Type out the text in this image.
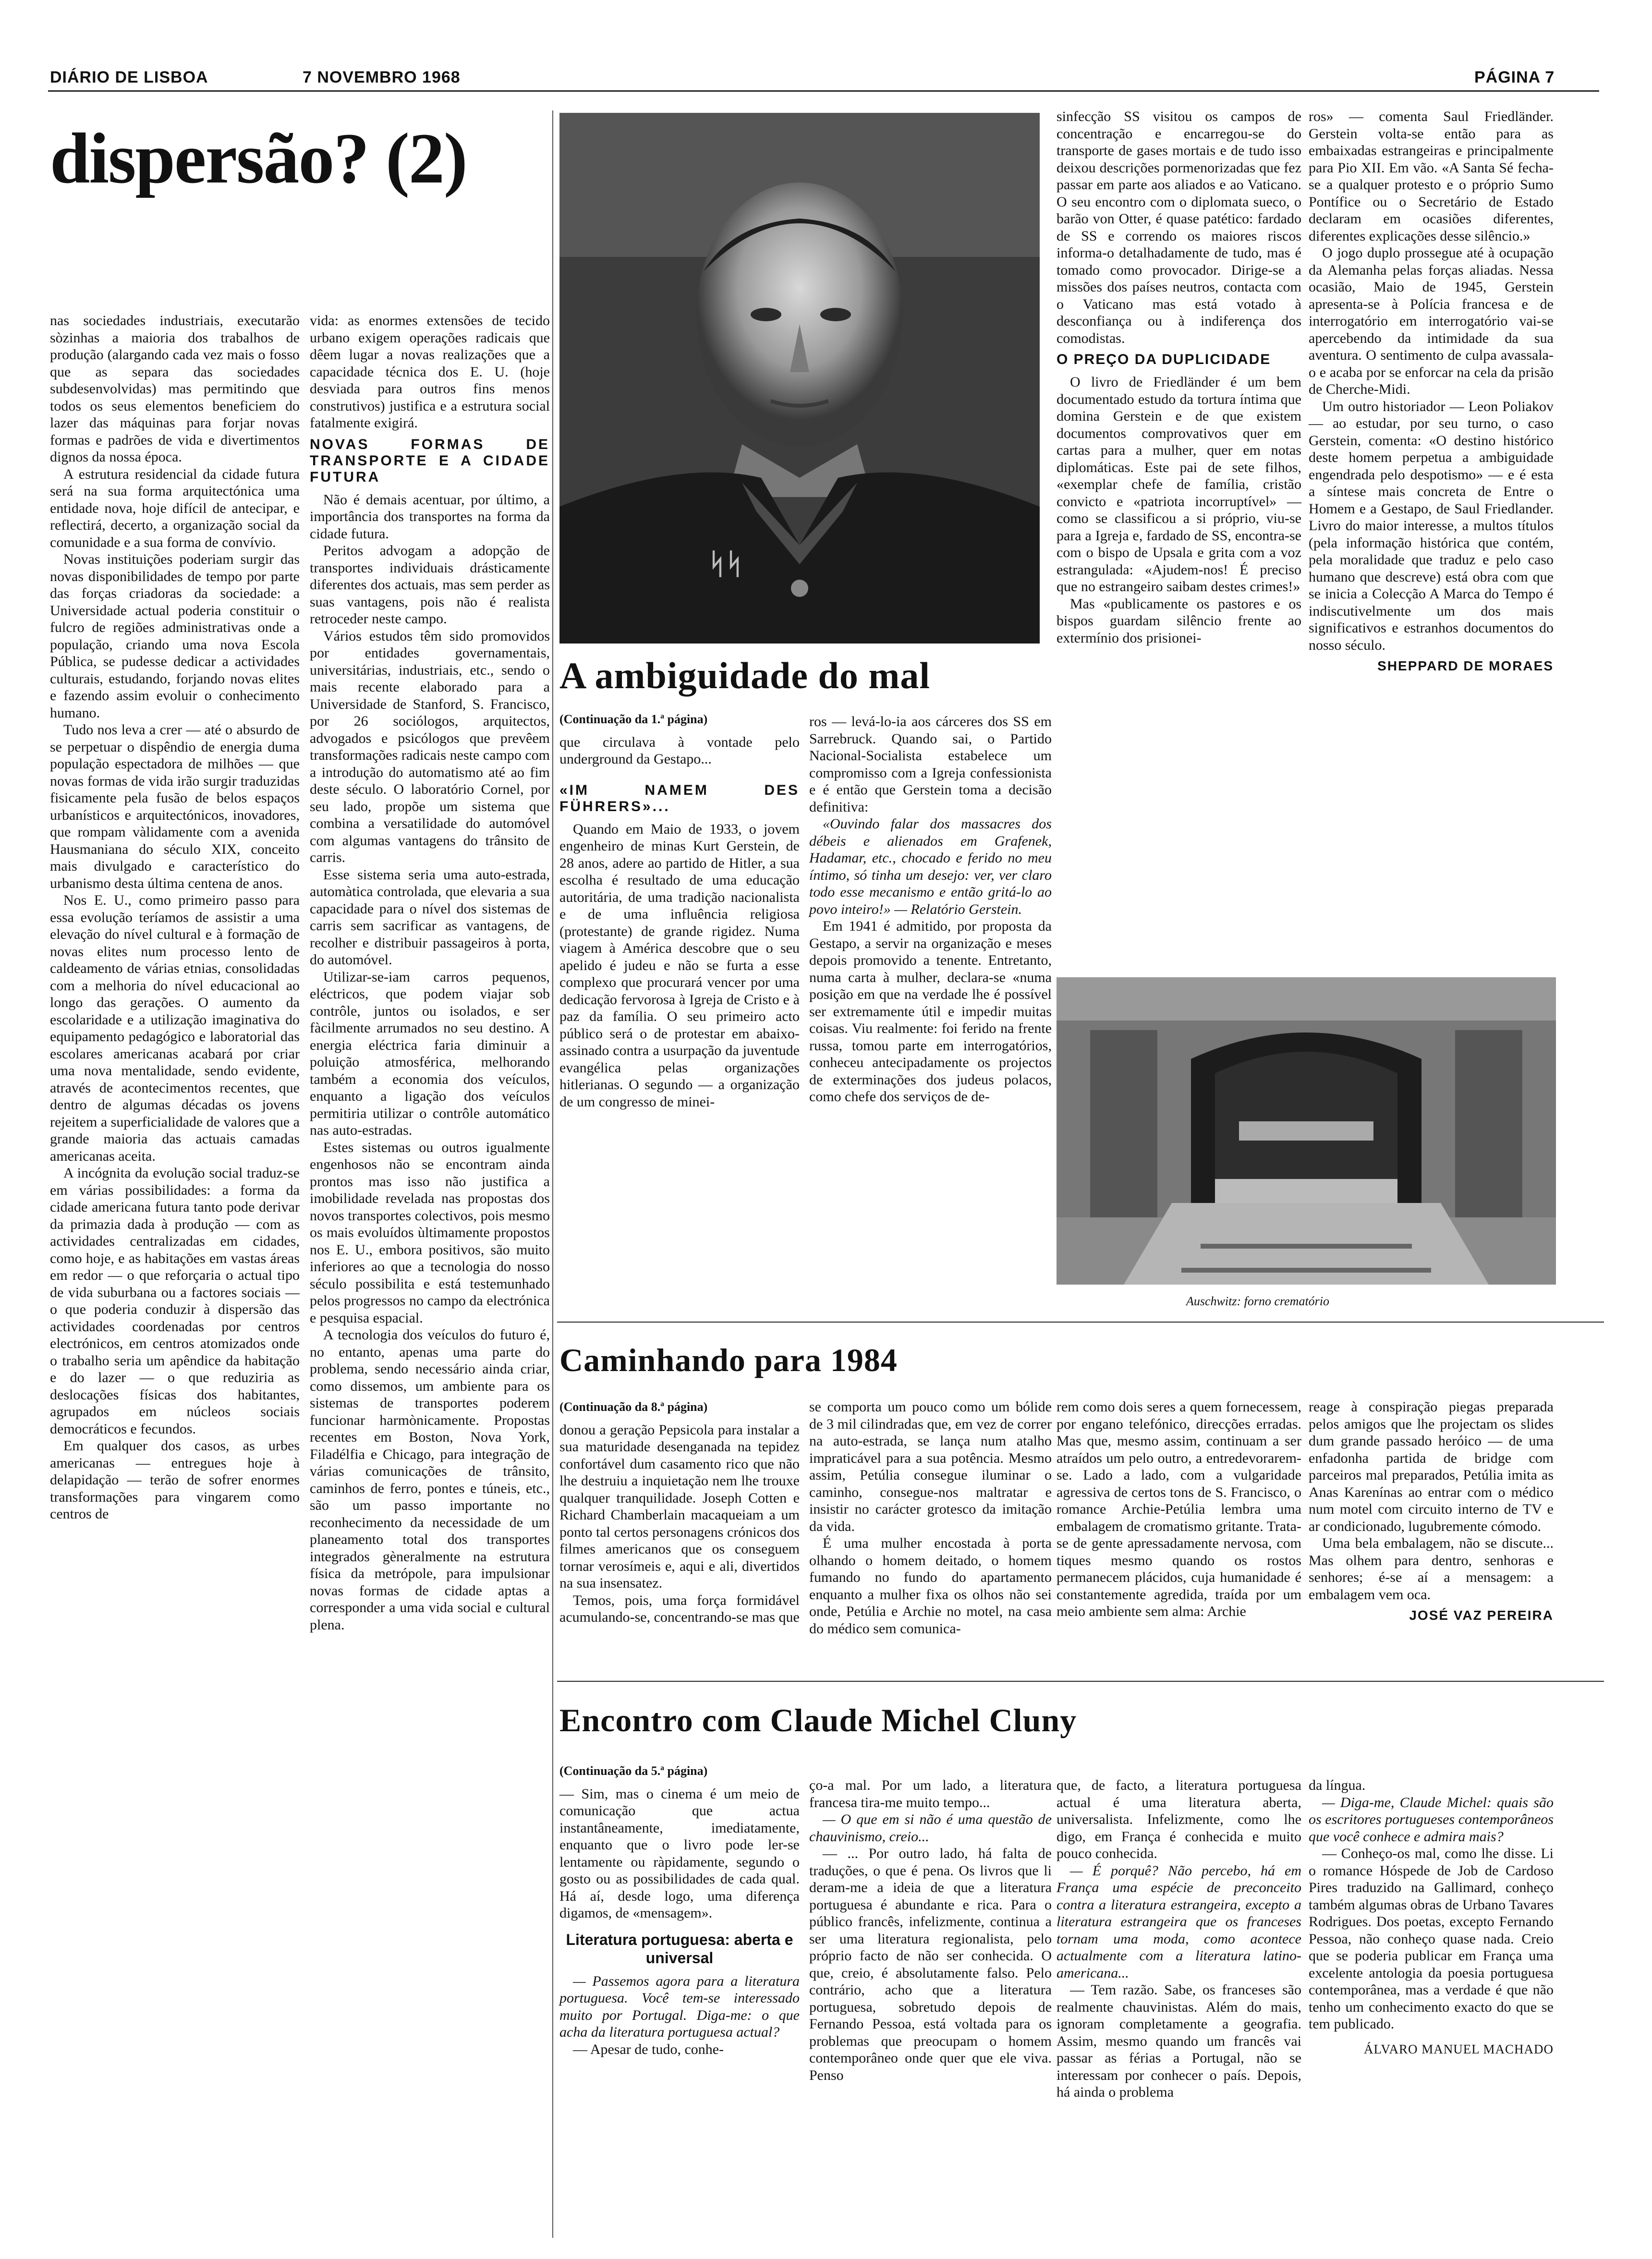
DIÁRIO DE LISBOA	7 NOVEMBRO 1968	PÁGINA 7
dispersão? (2)

nas sociedades industriais, executarão sòzinhas a maioria dos trabalhos de produção (alargando cada vez mais o fosso que as separa das sociedades subdesenvolvidas) mas permitindo que todos os seus elementos beneficiem do lazer das máquinas para forjar novas formas e padrões de vida e divertimentos dignos da nossa época.

A estrutura residencial da cidade futura será na sua forma arquitectónica uma entidade nova, hoje difícil de antecipar, e reflectirá, decerto, a organização social da comunidade e a sua forma de convívio.

Novas instituições poderiam surgir das novas disponibilidades de tempo por parte das forças criadoras da sociedade: a Universidade actual poderia constituir o fulcro de regiões administrativas onde a população, criando uma nova Escola Pública, se pudesse dedicar a actividades culturais, estudando, forjando novas elites e fazendo assim evoluir o conhecimento humano.

Tudo nos leva a crer — até o absurdo de se perpetuar o dispêndio de energia duma população espectadora de milhões — que novas formas de vida irão surgir traduzidas fisicamente pela fusão de belos espaços urbanísticos e arquitectónicos, inovadores, que rompam vàlidamente com a avenida Hausmaniana do século XIX, conceito mais divulgado e característico do urbanismo desta última centena de anos.

Nos E. U., como primeiro passo para essa evolução teríamos de assistir a uma elevação do nível cultural e à formação de novas elites num processo lento de caldeamento de várias etnias, consolidadas com a melhoria do nível educacional ao longo das gerações. O aumento da escolaridade e a utilização imaginativa do equipamento pedagógico e laboratorial das escolares americanas acabará por criar uma nova mentalidade, sendo evidente, através de acontecimentos recentes, que dentro de algumas décadas os jovens rejeitem a superficialidade de valores que a grande maioria das actuais camadas americanas aceita.

A incógnita da evolução social traduz-se em várias possibilidades: a forma da cidade americana futura tanto pode derivar da primazia dada à produção — com as actividades centralizadas em cidades, como hoje, e as habitações em vastas áreas em redor — o que reforçaria o actual tipo de vida suburbana ou a factores sociais — o que poderia conduzir à dispersão das actividades coordenadas por centros electrónicos, em centros atomizados onde o trabalho seria um apêndice da habitação e do lazer — o que reduziria as deslocações físicas dos habitantes, agrupados em núcleos sociais democráticos e fecundos.

Em qualquer dos casos, as urbes americanas — entregues hoje à delapidação — terão de sofrer enormes transformações para vingarem como centros de

vida: as enormes extensões de tecido urbano exigem operações radicais que dêem lugar a novas realizações que a capacidade técnica dos E. U. (hoje desviada para outros fins menos construtivos) justifica e a estrutura social fatalmente exigirá.

NOVAS FORMAS DE TRANSPORTE E A CIDADE FUTURA

Não é demais acentuar, por último, a importância dos transportes na forma da cidade futura.

Peritos advogam a adopção de transportes individuais drásticamente diferentes dos actuais, mas sem perder as suas vantagens, pois não é realista retroceder neste campo.

Vários estudos têm sido promovidos por entidades governamentais, universitárias, industriais, etc., sendo o mais recente elaborado para a Universidade de Stanford, S. Francisco, por 26 sociólogos, arquitectos, advogados e psicólogos que prevêem transformações radicais neste campo com a introdução do automatismo até ao fim deste século. O laboratório Cornel, por seu lado, propõe um sistema que combina a versatilidade do automóvel com algumas vantagens do trânsito de carris.

Esse sistema seria uma auto-estrada, automàtica controlada, que elevaria a sua capacidade para o nível dos sistemas de carris sem sacrificar as vantagens, de recolher e distribuir passageiros à porta, do automóvel.

Utilizar-se-iam carros pequenos, eléctricos, que podem viajar sob contrôle, juntos ou isolados, e ser fàcilmente arrumados no seu destino. A energia eléctrica faria diminuir a poluição atmosférica, melhorando também a economia dos veículos, enquanto a ligação dos veículos permitiria utilizar o contrôle automático nas auto-estradas.

Estes sistemas ou outros igualmente engenhosos não se encontram ainda prontos mas isso não justifica a imobilidade revelada nas propostas dos novos transportes colectivos, pois mesmo os mais evoluídos ùltimamente propostos nos E. U., embora positivos, são muito inferiores ao que a tecnologia do nosso século possibilita e está testemunhado pelos progressos no campo da electrónica e pesquisa espacial.

A tecnologia dos veículos do futuro é, no entanto, apenas uma parte do problema, sendo necessário ainda criar, como dissemos, um ambiente para os sistemas de transportes poderem funcionar harmònicamente. Propostas recentes em Boston, Nova York, Filadélfia e Chicago, para integração de várias comunicações de trânsito, caminhos de ferro, pontes e túneis, etc., são um passo importante no reconhecimento da necessidade de um planeamento total dos transportes integrados gèneralmente na estrutura física da metrópole, para impulsionar novas formas de cidade aptas a corresponder a uma vida social e cultural plena.

ᛋᛋ
A ambiguidade do mal
(Continuação da 1.ª página)

que circulava à vontade pelo underground da Gestapo...

«IM NAMEM DES FÜHRERS»...

Quando em Maio de 1933, o jovem engenheiro de minas Kurt Gerstein, de 28 anos, adere ao partido de Hitler, a sua escolha é resultado de uma educação autoritária, de uma tradição nacionalista e de uma influência religiosa (protestante) de grande rigidez. Numa viagem à América descobre que o seu apelido é judeu e não se furta a esse complexo que procurará vencer por uma dedicação fervorosa à Igreja de Cristo e à paz da família. O seu primeiro acto público será o de protestar em abaixo-assinado contra a usurpação da juventude evangélica pelas organizações hitlerianas. O segundo — a organização de um congresso de minei-

ros — levá-lo-ia aos cárceres dos SS em Sarrebruck. Quando sai, o Partido Nacional-Socialista estabelece um compromisso com a Igreja confessionista e é então que Gerstein toma a decisão definitiva:

«Ouvindo falar dos massacres dos débeis e alienados em Grafenek, Hadamar, etc., chocado e ferido no meu íntimo, só tinha um desejo: ver, ver claro todo esse mecanismo e então gritá-lo ao povo inteiro!» — Relatório Gerstein.

Em 1941 é admitido, por proposta da Gestapo, a servir na organização e meses depois promovido a tenente. Entretanto, numa carta à mulher, declara-se «numa posição em que na verdade lhe é possível ser extremamente útil e impedir muitas coisas. Viu realmente: foi ferido na frente russa, tomou parte em interrogatórios, conheceu antecipadamente os projectos de exterminações dos judeus polacos, como chefe dos serviços de de-

sinfecção SS visitou os campos de concentração e encarregou-se do transporte de gases mortais e de tudo isso deixou descrições pormenorizadas que fez passar em parte aos aliados e ao Vaticano. O seu encontro com o diplomata sueco, o barão von Otter, é quase patético: fardado de SS e correndo os maiores riscos informa-o detalhadamente de tudo, mas é tomado como provocador. Dirige-se a missões dos países neutros, contacta com o Vaticano mas está votado à desconfiança ou à indiferença dos comodistas.

O PREÇO DA DUPLICIDADE

O livro de Friedländer é um bem documentado estudo da tortura íntima que domina Gerstein e de que existem documentos comprovativos quer em cartas para a mulher, quer em notas diplomáticas. Este pai de sete filhos, «exemplar chefe de família, cristão convicto e «patriota incorruptível» — como se classificou a si próprio, viu-se para a Igreja e, fardado de SS, encontra-se com o bispo de Upsala e grita com a voz estrangulada: «Ajudem-nos! É preciso que no estrangeiro saibam destes crimes!»

Mas «publicamente os pastores e os bispos guardam silêncio frente ao extermínio dos prisionei-

ros» — comenta Saul Friedländer. Gerstein volta-se então para as embaixadas estrangeiras e principalmente para Pio XII. Em vão. «A Santa Sé fecha-se a qualquer protesto e o próprio Sumo Pontífice ou o Secretário de Estado declaram em ocasiões diferentes, diferentes explicações desse silêncio.»

O jogo duplo prossegue até à ocupação da Alemanha pelas forças aliadas. Nessa ocasião, Maio de 1945, Gerstein apresenta-se à Polícia francesa e de interrogatório em interrogatório vai-se apercebendo da intimidade da sua aventura. O sentimento de culpa avassala-o e acaba por se enforcar na cela da prisão de Cherche-Midi.

Um outro historiador — Leon Poliakov — ao estudar, por seu turno, o caso Gerstein, comenta: «O destino histórico deste homem perpetua a ambiguidade engendrada pelo despotismo» — e é esta a síntese mais concreta de Entre o Homem e a Gestapo, de Saul Friedlander. Livro do maior interesse, a multos títulos (pela informação histórica que contém, pela moralidade que traduz e pelo caso humano que descreve) está obra com que se inicia a Colecção A Marca do Tempo é indiscutivelmente um dos mais significativos e estranhos documentos do nosso século.

SHEPPARD DE MORAES
Auschwitz: forno crematório
Caminhando para 1984
(Continuação da 8.ª página)

donou a geração Pepsicola para instalar a sua maturidade desenganada na tepidez confortável dum casamento rico que não lhe destruiu a inquietação nem lhe trouxe qualquer tranquilidade. Joseph Cotten e Richard Chamberlain macaqueiam a um ponto tal certos personagens crónicos dos filmes americanos que os conseguem tornar verosímeis e, aqui e ali, divertidos na sua insensatez.

Temos, pois, uma força formidável acumulando-se, concentrando-se mas que

se comporta um pouco como um bólide de 3 mil cilindradas que, em vez de correr na auto-estrada, se lança num atalho impraticável para a sua potência. Mesmo assim, Petúlia consegue iluminar o caminho, consegue-nos maltratar e insistir no carácter grotesco da imitação da vida.

É uma mulher encostada à porta olhando o homem deitado, o homem fumando no fundo do apartamento enquanto a mulher fixa os olhos não sei onde, Petúlia e Archie no motel, na casa do médico sem comunica-

rem como dois seres a quem fornecessem, por engano telefónico, direcções erradas. Mas que, mesmo assim, continuam a ser atraídos um pelo outro, a entredevorarem-se. Lado a lado, com a vulgaridade agressiva de certos tons de S. Francisco, o romance Archie-Petúlia lembra uma embalagem de cromatismo gritante. Trata-se de gente apressadamente nervosa, com tiques mesmo quando os rostos permanecem plácidos, cuja humanidade é constantemente agredida, traída por um meio ambiente sem alma: Archie

reage à conspiração piegas preparada pelos amigos que lhe projectam os slides dum grande passado heróico — de uma enfadonha partida de bridge com parceiros mal preparados, Petúlia imita as Anas Karenínas ao entrar com o médico num motel com circuito interno de TV e ar condicionado, lugubremente cómodo.

Uma bela embalagem, não se discute... Mas olhem para dentro, senhoras e senhores; é-se aí a mensagem: a embalagem vem oca.

JOSÉ VAZ PEREIRA
Encontro com Claude Michel Cluny
(Continuação da 5.ª página)

— Sim, mas o cinema é um meio de comunicação que actua instantâneamente, imediatamente, enquanto que o livro pode ler-se lentamente ou ràpidamente, segundo o gosto ou as possibilidades de cada qual. Há aí, desde logo, uma diferença digamos, de «mensagem».

Literatura portuguesa: aberta e universal

— Passemos agora para a literatura portuguesa. Você tem-se interessado muito por Portugal. Diga-me: o que acha da literatura portuguesa actual?

— Apesar de tudo, conhe-

ço-a mal. Por um lado, a literatura francesa tira-me muito tempo...

— O que em si não é uma questão de chauvinismo, creio...

— ... Por outro lado, há falta de traduções, o que é pena. Os livros que li deram-me a ideia de que a literatura portuguesa é abundante e rica. Para o público francês, infelizmente, continua a ser uma literatura regionalista, pelo próprio facto de não ser conhecida. O que, creio, é absolutamente falso. Pelo contrário, acho que a literatura portuguesa, sobretudo depois de Fernando Pessoa, está voltada para os problemas que preocupam o homem contemporâneo onde quer que ele viva. Penso

que, de facto, a literatura portuguesa actual é uma literatura aberta, universalista. Infelizmente, como lhe digo, em França é conhecida e muito pouco conhecida.

— É porquê? Não percebo, há em França uma espécie de preconceito contra a literatura estrangeira, excepto a literatura estrangeira que os franceses tornam uma moda, como acontece actualmente com a literatura latino-americana...

— Tem razão. Sabe, os franceses são realmente chauvinistas. Além do mais, ignoram completamente a geografia. Assim, mesmo quando um francês vai passar as férias a Portugal, não se interessam por conhecer o país. Depois, há ainda o problema

da língua.

— Diga-me, Claude Michel: quais são os escritores portugueses contemporâneos que você conhece e admira mais?

— Conheço-os mal, como lhe disse. Li o romance Hóspede de Job de Cardoso Pires traduzido na Gallimard, conheço também algumas obras de Urbano Tavares Rodrigues. Dos poetas, excepto Fernando Pessoa, não conheço quase nada. Creio que se poderia publicar em França uma excelente antologia da poesia portuguesa contemporânea, mas a verdade é que não tenho um conhecimento exacto do que se tem publicado.

ÁLVARO MANUEL MACHADO
